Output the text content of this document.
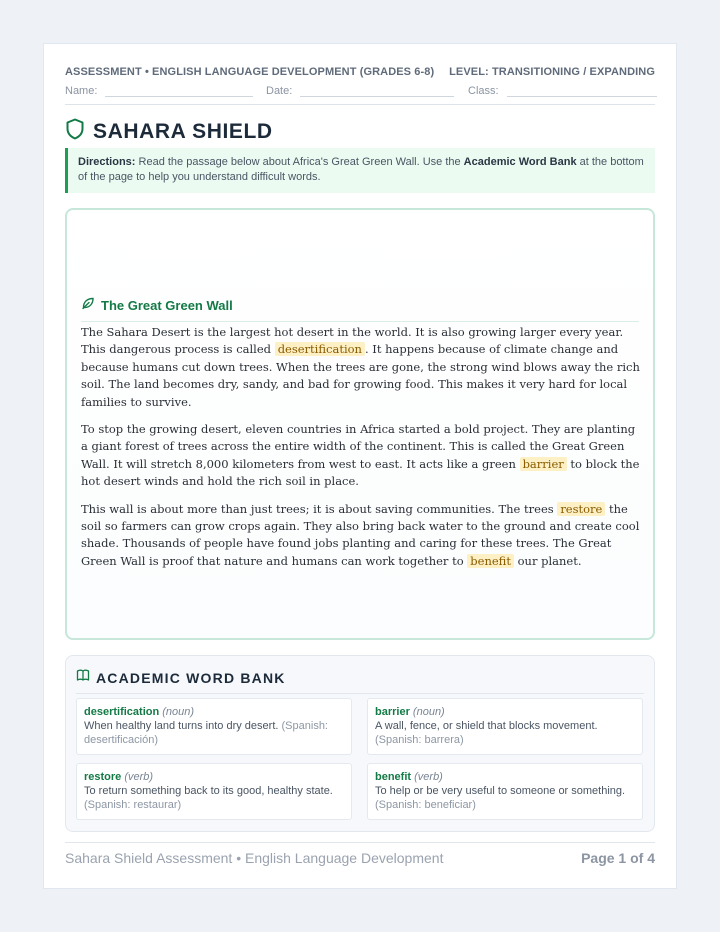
ASSESSMENT • ENGLISH LANGUAGE DEVELOPMENT (GRADES 6-8) LEVEL: TRANSITIONING / EXPANDING
Name:	Date:	Class:
SAHARA SHIELD
Directions: Read the passage below about Africa's Great Green Wall. Use the Academic Word Bank at the bottom of the page to help you understand difficult words.
The Great Green Wall

The Sahara Desert is the largest hot desert in the world. It is also growing larger every year. This dangerous process is called desertification . It happens because of climate change and because humans cut down trees. When the trees are gone, the strong wind blows away the rich soil. The land becomes dry, sandy, and bad for growing food. This makes it very hard for local families to survive.

To stop the growing desert, eleven countries in Africa started a bold project. They are planting a giant forest of trees across the entire width of the continent. This is called the Great Green Wall. It will stretch 8,000 kilometers from west to east. It acts like a green barrier to block the hot desert winds and hold the rich soil in place.

This wall is about more than just trees; it is about saving communities. The trees restore the soil so farmers can grow crops again. They also bring back water to the ground and create cool shade. Thousands of people have found jobs planting and caring for these trees. The Great Green Wall is proof that nature and humans can work together to benefit our planet.

ACADEMIC WORD BANK
desertification (noun)
When healthy land turns into dry desert. (Spanish: desertificación)
barrier (noun)
A wall, fence, or shield that blocks movement.
(Spanish: barrera)
restore (verb)
To return something back to its good, healthy state.
(Spanish: restaurar)
benefit (verb)
To help or be very useful to someone or something.
(Spanish: beneficiar)
Sahara Shield Assessment • English Language Development	Page 1 of 4
